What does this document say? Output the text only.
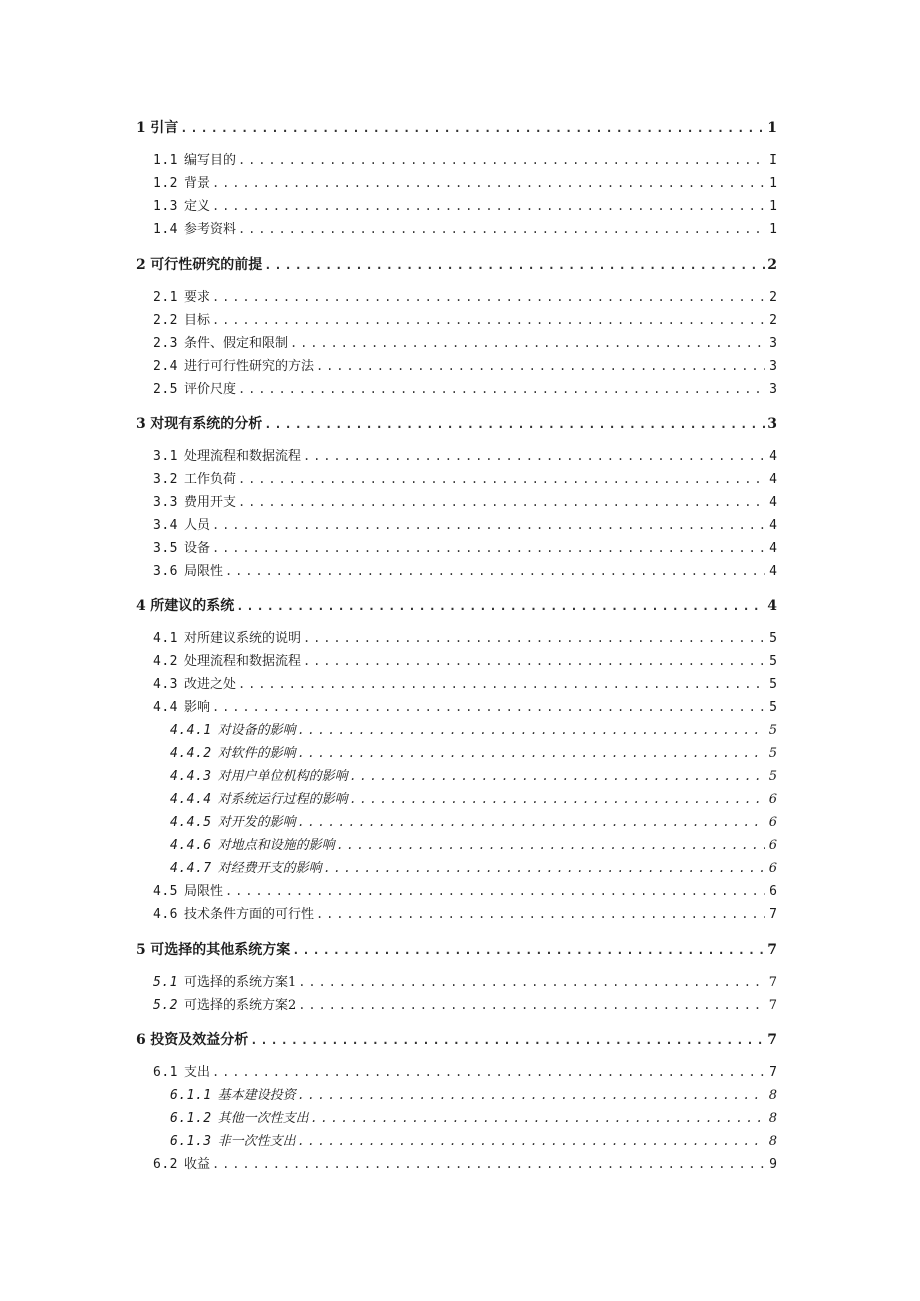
1 引言 .....	1
1.1 编写目的 .....	I
1.2 背景 .....	1
1.3 定义 .....	1
1.4 参考资料 .....	1
2 可行性研究的前提 .....	2
2.1 要求 .....	2
2.2 目标 .....	2
2.3 条件、假定和限制 .....	3
2.4 进行可行性研究的方法 .....	3
2.5 评价尺度 .....	3
3 对现有系统的分析 .....	3
3.1 处理流程和数据流程 .....	4
3.2 工作负荷 .....	4
3.3 费用开支 .....	4
3.4 人员 .....	4
3.5 设备 .....	4
3.6 局限性 .....	4
4 所建议的系统 .....	4
4.1 对所建议系统的说明 .....	5
4.2 处理流程和数据流程 .....	5
4.3 改进之处 .....	5
4.4 影响 .....	5
4.4.1 对设备的影响 .....	5
4.4.2 对软件的影响 .....	5
4.4.3 对用户单位机构的影响 .....	5
4.4.4 对系统运行过程的影响 .....	6
4.4.5 对开发的影响 .....	6
4.4.6 对地点和设施的影响 .....	6
4.4.7 对经费开支的影响 .....	6
4.5 局限性 .....	6
4.6 技术条件方面的可行性 .....	7
5 可选择的其他系统方案 .....	7
5.1 可选择的系统方案1 .....	7
5.2 可选择的系统方案2 .....	7
6 投资及效益分析 .....	7
6.1 支出 .....	7
6.1.1 基本建设投资 .....	8
6.1.2 其他一次性支出 .....	8
6.1.3 非一次性支出 .....	8
6.2 收益 .....	9
